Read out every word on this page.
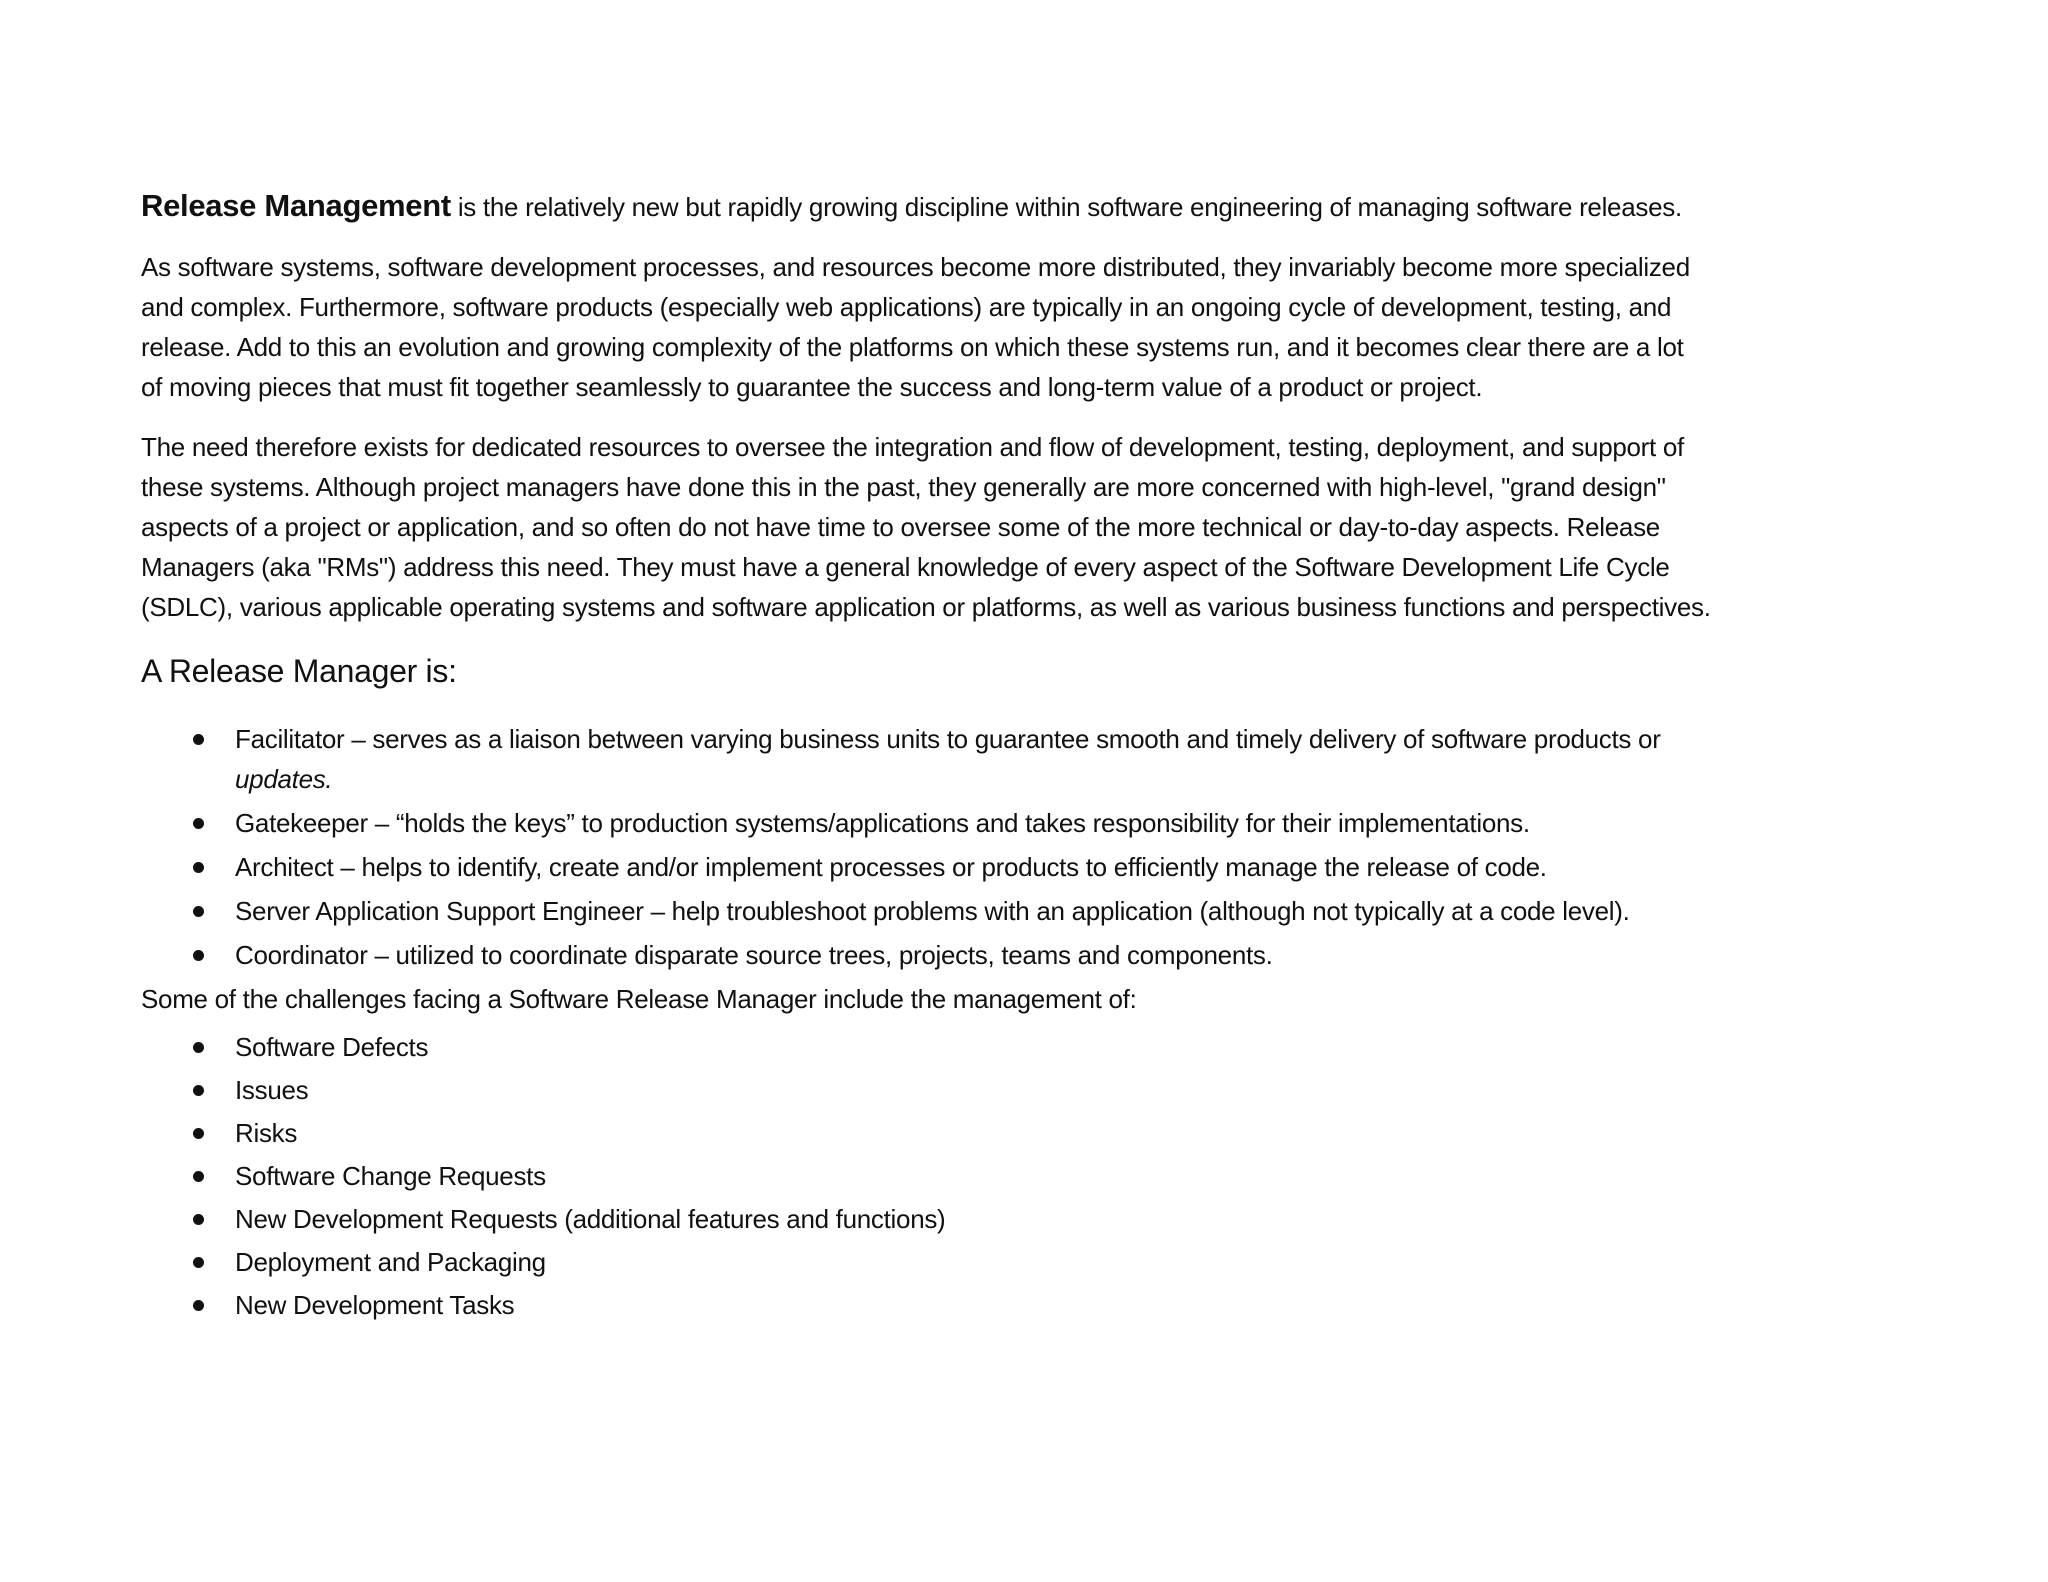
Release Management is the relatively new but rapidly growing discipline within software engineering of managing software releases.

As software systems, software development processes, and resources become more distributed, they invariably become more specialized
and complex. Furthermore, software products (especially web applications) are typically in an ongoing cycle of development, testing, and
release. Add to this an evolution and growing complexity of the platforms on which these systems run, and it becomes clear there are a lot
of moving pieces that must fit together seamlessly to guarantee the success and long-term value of a product or project.

The need therefore exists for dedicated resources to oversee the integration and flow of development, testing, deployment, and support of
these systems. Although project managers have done this in the past, they generally are more concerned with high-level, "grand design"
aspects of a project or application, and so often do not have time to oversee some of the more technical or day-to-day aspects. Release
Managers (aka "RMs") address this need. They must have a general knowledge of every aspect of the Software Development Life Cycle
(SDLC), various applicable operating systems and software application or platforms, as well as various business functions and perspectives.

A Release Manager is:
Facilitator – serves as a liaison between varying business units to guarantee smooth and timely delivery of software products or
updates.
Gatekeeper – “holds the keys” to production systems/applications and takes responsibility for their implementations.
Architect – helps to identify, create and/or implement processes or products to efficiently manage the release of code.
Server Application Support Engineer – help troubleshoot problems with an application (although not typically at a code level).
Coordinator – utilized to coordinate disparate source trees, projects, teams and components.

Some of the challenges facing a Software Release Manager include the management of:

Software Defects
Issues
Risks
Software Change Requests
New Development Requests (additional features and functions)
Deployment and Packaging
New Development Tasks
